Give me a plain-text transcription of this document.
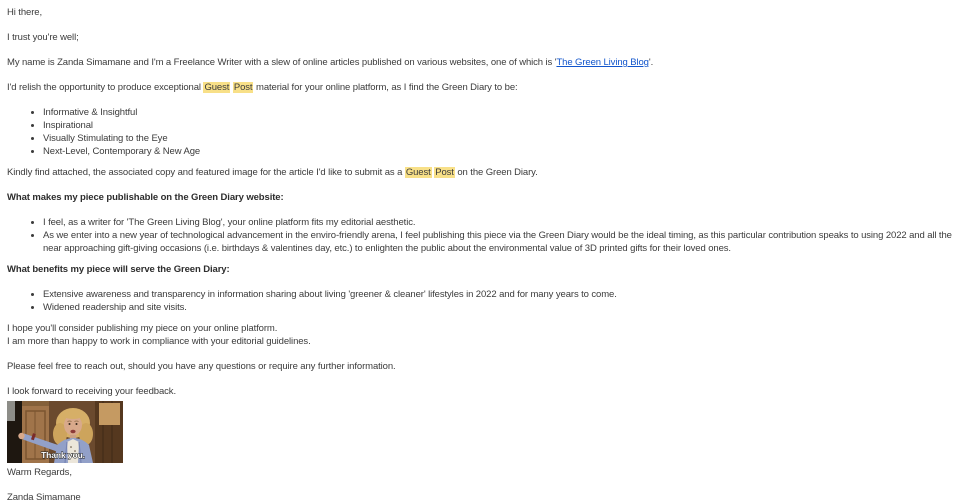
Hi there,

I trust you're well;

My name is Zanda Simamane and I'm a Freelance Writer with a slew of online articles published on various websites, one of which is 'The Green Living Blog'.

I'd relish the opportunity to produce exceptional Guest Post material for your online platform, as I find the Green Diary to be:

• Informative & Insightful
• Inspirational
• Visually Stimulating to the Eye
• Next-Level, Contemporary & New Age

Kindly find attached, the associated copy and featured image for the article I'd like to submit as a Guest Post on the Green Diary.

What makes my piece publishable on the Green Diary website:

• I feel, as a writer for 'The Green Living Blog', your online platform fits my editorial aesthetic.
• As we enter into a new year of technological advancement in the enviro-friendly arena, I feel publishing this piece via the Green Diary would be the ideal timing, as this particular contribution speaks to using 2022 and all the near approaching gift-giving occasions (i.e. birthdays & valentines day, etc.) to enlighten the public about the environmental value of 3D printed gifts for their loved ones.

What benefits my piece will serve the Green Diary:

• Extensive awareness and transparency in information sharing about living 'greener & cleaner' lifestyles in 2022 and for many years to come.
• Widened readership and site visits.

I hope you'll consider publishing my piece on your online platform.
I am more than happy to work in compliance with your editorial guidelines.

Please feel free to reach out, should you have any questions or require any further information.

I look forward to receiving your feedback.

Thank you.

Warm Regards,

Zanda Simamane
